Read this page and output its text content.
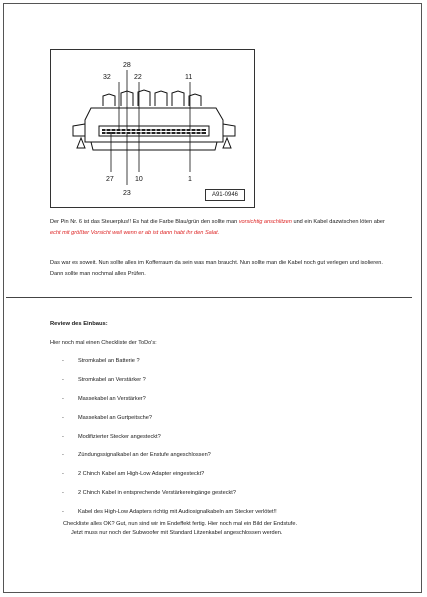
28
32	22	11
27	10	1
23	A91-0946
Der Pin Nr. 6 ist das Steuerplus!! Es hat die Farbe Blau/grün den sollte man vorsichtig anschlitzen und ein Kabel dazwischen löten aber echt mit größter Vorsicht weil wenn er ab ist dann habt ihr den Salat.
Das war es soweit. Nun sollte alles im Kofferraum da sein was man braucht. Nun sollte man die Kabel noch gut verlegen und isolieren. Dann sollte man nochmal alles Prüfen.
Review des Einbaus:
Hier noch mal einen Checkliste der ToDo's:
-	Stromkabel an Batterie ?
-	Stromkabel an Verstärker ?
-	Massekabel an Verstärker?
-	Massekabel an Gurtpeitsche?
-	Modifizierter Stecker angesteckt?
-	Zündungssignalkabel an der Enstufe angeschlossen?
-	2 Chinch Kabel am High-Low Adapter eingesteckt?
-	2 Chinch Kabel in entsprechende Verstärkereingänge gesteckt?
-	Kabel des High-Low Adapters richtig mit Audiosignalkabeln am Stecker verlötet!!
Checkliste alles OK? Gut, nun sind wir im Endeffekt fertig. Hier noch mal ein Bild der Endstufe.
Jetzt muss nur noch der Subwoofer mit Standard Litzenkabel angeschlossen werden.
